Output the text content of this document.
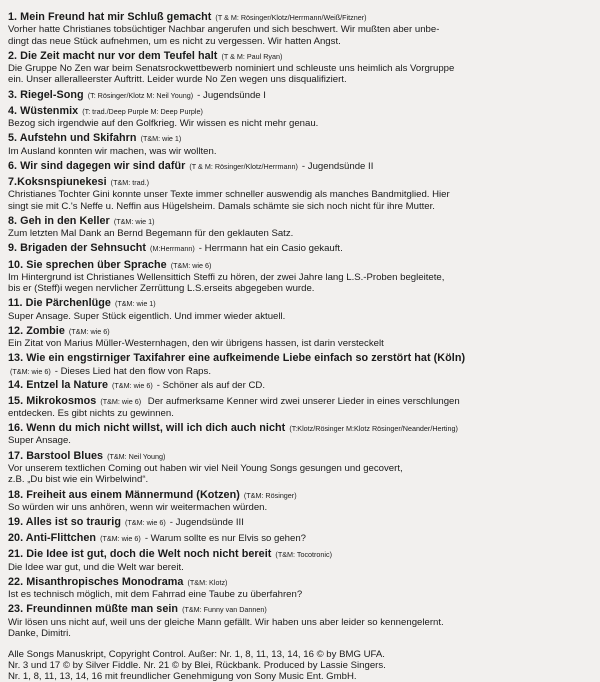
1. Mein Freund hat mir Schluß gemacht (T & M: Rösinger/Klotz/Herrmann/Weiß/Fitzner)
Vorher hatte Christianes tobsüchtiger Nachbar angerufen und sich beschwert. Wir mußten aber unbe-
dingt das neue Stück aufnehmen, um es nicht zu vergessen. Wir hatten Angst.
2. Die Zeit macht nur vor dem Teufel halt (T & M: Paul Ryan)
Die Gruppe No Zen war beim Senatsrockwettbewerb nominiert und schleuste uns heimlich als Vorgruppe
ein. Unser alleralleerster Auftritt. Leider wurde No Zen wegen uns disqualifiziert.
3. Riegel-Song (T: Rösinger/Klotz M: Neil Young) - Jugendsünde I
4. Wüstenmix (T: trad./Deep Purple M: Deep Purple)
Bezog sich irgendwie auf den Golfkrieg. Wir wissen es nicht mehr genau.
5. Aufstehn und Skifahrn (T&M: wie 1)
Im Ausland konnten wir machen, was wir wollten.
6. Wir sind dagegen wir sind dafür (T & M: Rösinger/Klotz/Herrmann) - Jugendsünde II
7.Koksnspiunekesi (T&M: trad.)
Christianes Tochter Gini konnte unser Texte immer schneller auswendig als manches Bandmitglied. Hier
singt sie mit C.'s Neffe u. Neffin aus Hügelsheim. Damals schämte sie sich noch nicht für ihre Mutter.
8. Geh in den Keller (T&M: wie 1)
Zum letzten Mal Dank an Bernd Begemann für den geklauten Satz.
9. Brigaden der Sehnsucht (M:Herrmann) - Herrmann hat ein Casio gekauft.
10. Sie sprechen über Sprache (T&M: wie 6)
Im Hintergrund ist Christianes Wellensittich Steffi zu hören, der zwei Jahre lang L.S.-Proben begleitete,
bis er (Steff)i wegen nervlicher Zerrüttung L.S.erseits abgegeben wurde.
11. Die Pärchenlüge (T&M: wie 1)
Super Ansage. Super Stück eigentlich. Und immer wieder aktuell.
12. Zombie (T&M: wie 6)
Ein Zitat von Marius Müller-Westernhagen, den wir übrigens hassen, ist darin versteckelt
13. Wie ein engstirniger Taxifahrer eine aufkeimende Liebe einfach so zerstört hat (Köln)
(T&M: wie 6) - Dieses Lied hat den flow von Raps.
14. Entzel la Nature (T&M: wie 6) - Schöner als auf der CD.
15. Mikrokosmos (T&M: wie 6) Der aufmerksame Kenner wird zwei unserer Lieder in eines verschlungen
entdecken. Es gibt nichts zu gewinnen.
16. Wenn du mich nicht willst, will ich dich auch nicht (T:Klotz/Rösinger M:Klotz Rösinger/Neander/Herting)
Super Ansage.
17. Barstool Blues (T&M: Neil Young)
Vor unserem textlichen Coming out haben wir viel Neil Young Songs gesungen und gecovert,
z.B. „Du bist wie ein Wirbelwind“.
18. Freiheit aus einem Männermund (Kotzen) (T&M: Rösinger)
So würden wir uns anhören, wenn wir weitermachen würden.
19. Alles ist so traurig (T&M: wie 6) - Jugendsünde III
20. Anti-Flittchen (T&M: wie 6) - Warum sollte es nur Elvis so gehen?
21. Die Idee ist gut, doch die Welt noch nicht bereit (T&M: Tocotronic)
Die Idee war gut, und die Welt war bereit.
22. Misanthropisches Monodrama (T&M: Klotz)
Ist es technisch möglich, mit dem Fahrrad eine Taube zu überfahren?
23. Freundinnen müßte man sein (T&M: Funny van Dannen)
Wir lösen uns nicht auf, weil uns der gleiche Mann gefällt. Wir haben uns aber leider so kennengelernt.
Danke, Dimitri.
Alle Songs Manuskript, Copyright Control. Außer: Nr. 1, 8, 11, 13, 14, 16 © by BMG UFA.
Nr. 3 und 17 © by Silver Fiddle. Nr. 21 © by Blei, Rückbank. Produced by Lassie Singers.
Nr. 1, 8, 11, 13, 14, 16 mit freundlicher Genehmigung von Sony Music Ent. GmbH.
